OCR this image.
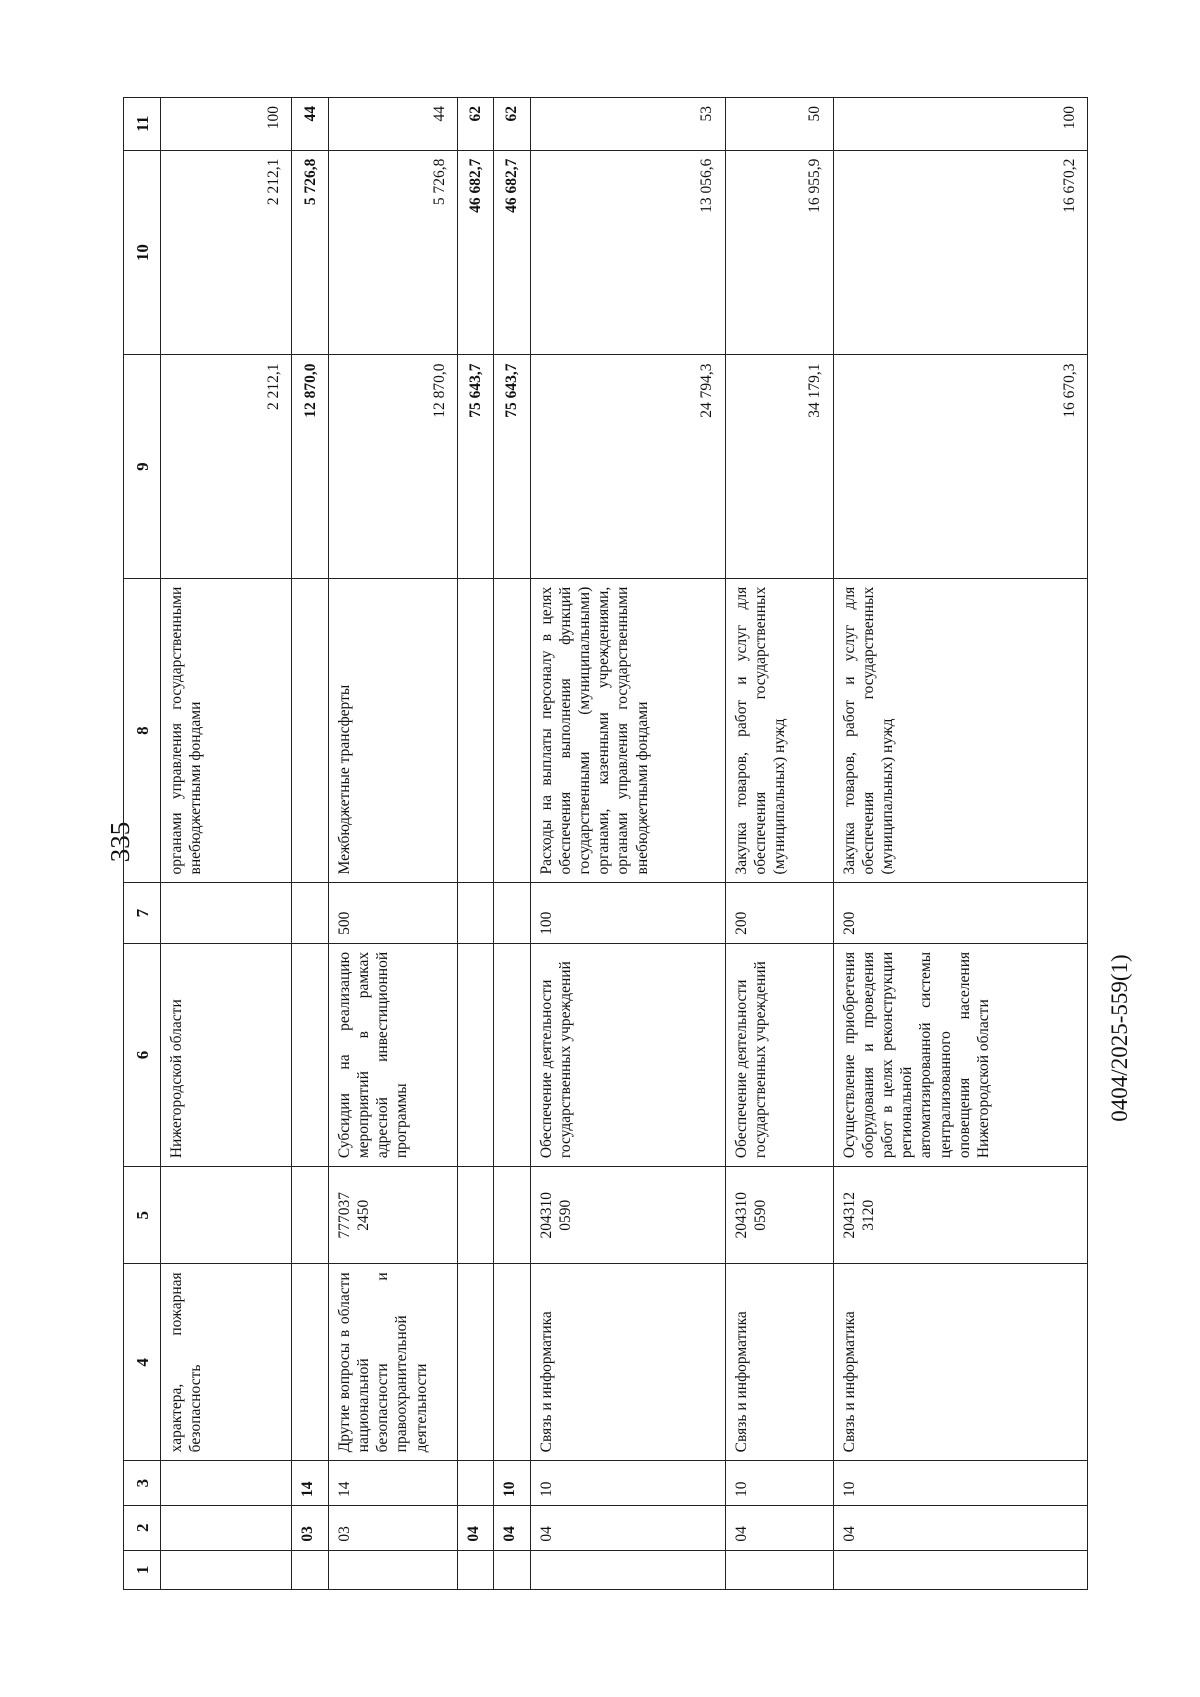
335
0404/2025-559(1)
1	2	3	4	5	6	7	8	9	10	11
			характера, пожарная безопасность		Нижегородской области		органами управления государственными внебюджетными фондами	2 212,1	2 212,1	100
	03	14						12 870,0	5 726,8	44
	03	14	Другие вопросы в области национальной безопасности и правоохранительной деятельности	777037 2450	Субсидии на реализацию мероприятий в рамках адресной инвестиционной программы	500	Межбюджетные трансферты	12 870,0	5 726,8	44
	04							75 643,7	46 682,7	62
	04	10						75 643,7	46 682,7	62
	04	10	Связь и информатика	204310 0590	Обеспечение деятельности государственных учреждений	100	Расходы на выплаты персоналу в целях обеспечения выполнения функций государственными (муниципальными) органами, казенными учреждениями, органами управления государственными внебюджетными фондами	24 794,3	13 056,6	53
	04	10	Связь и информатика	204310 0590	Обеспечение деятельности государственных учреждений	200	Закупка товаров, работ и услуг для обеспечения государственных (муниципальных) нужд	34 179,1	16 955,9	50
	04	10	Связь и информатика	204312 3120	Осуществление приобретения оборудования и проведения работ в целях реконструкции региональной автоматизированной системы централизованного оповещения населения Нижегородской области	200	Закупка товаров, работ и услуг для обеспечения государственных (муниципальных) нужд	16 670,3	16 670,2	100
